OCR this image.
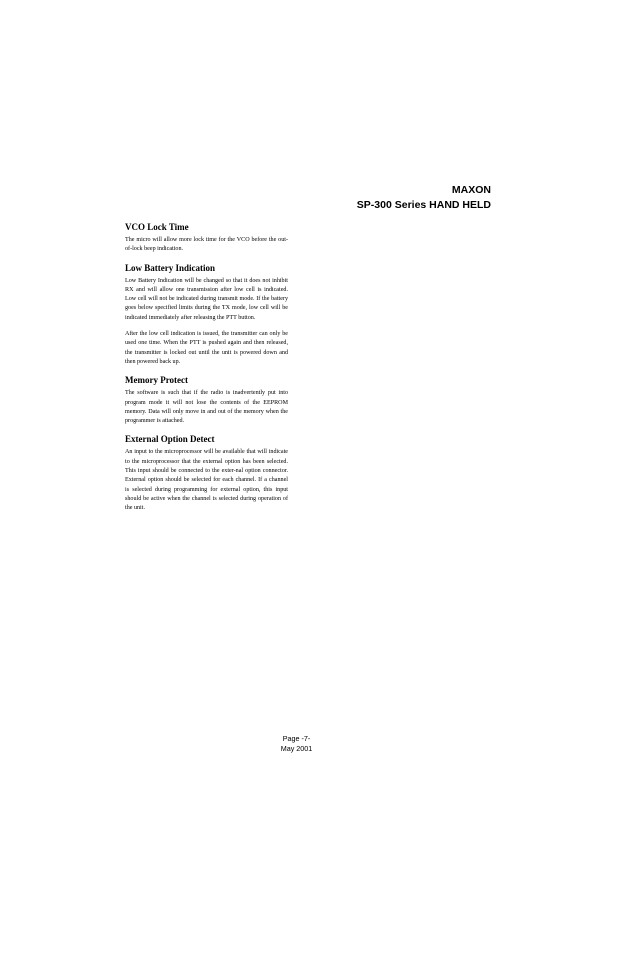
MAXON
SP-300 Series HAND HELD
VCO Lock Time

The micro will allow more lock time for the VCO before the out-of-lock beep indication.

Low Battery Indication

Low Battery Indication will be changed so that it does not inhibit RX and will allow one transmission after low cell is indicated. Low cell will not be indicated during transmit mode. If the battery goes below specified limits during the TX mode, low cell will be indicated immediately after releasing the PTT button.

After the low cell indication is issued, the transmitter can only be used one time. When the PTT is pushed again and then released, the transmitter is locked out until the unit is powered down and then powered back up.

Memory Protect

The software is such that if the radio is inadvertently put into program mode it will not lose the contents of the EEPROM memory. Data will only move in and out of the memory when the programmer is attached.

External Option Detect

An input to the microprocessor will be available that will indicate to the microprocessor that the external option has been selected. This input should be connected to the exter-nal option connector. External option should be selected for each channel. If a channel is selected during programming for external option, this input should be active when the channel is selected during operation of the unit.

Page -7-
May 2001
